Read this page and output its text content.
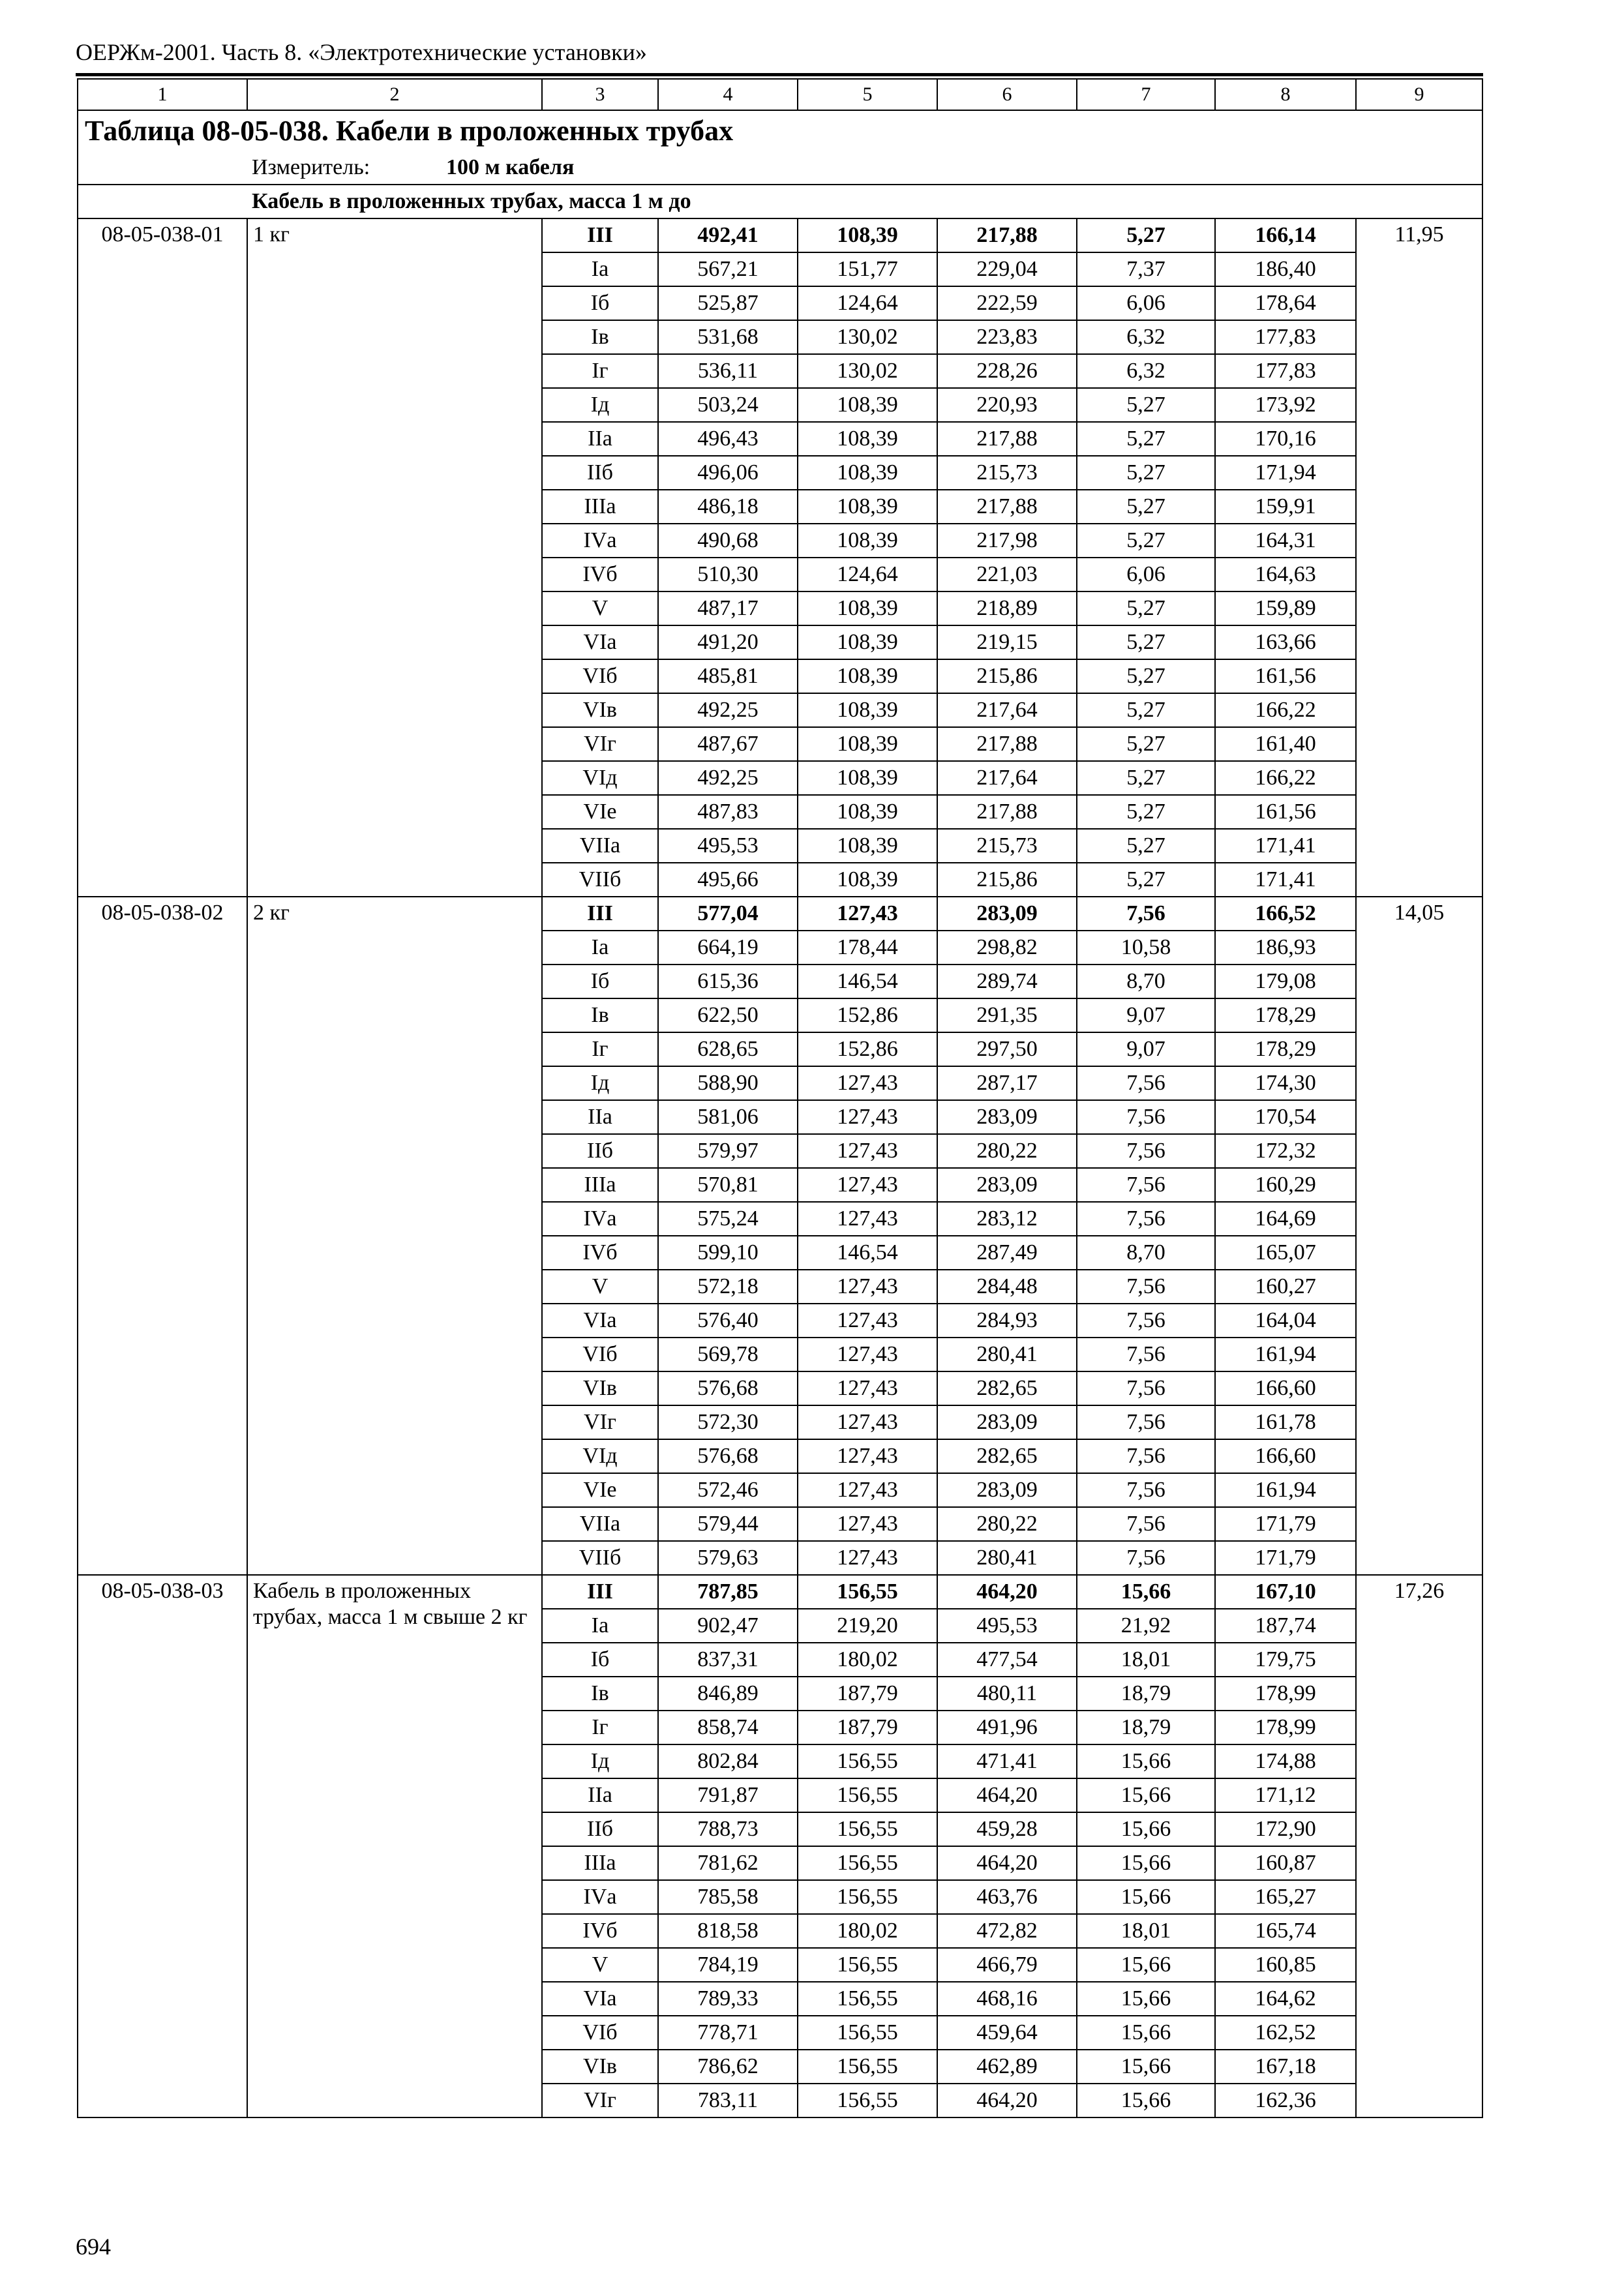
ОЕРЖм-2001. Часть 8. «Электротехнические установки»
1	2	3	4	5	6	7	8	9
Таблица 08-05-038. Кабели в проложенных трубах								
Измеритель: 100 м кабеля								
Кабель в проложенных трубах, масса 1 м до								
08-05-038-01	1 кг	III	492,41	108,39	217,88	5,27	166,14	11,95
		Iа	567,21	151,77	229,04	7,37	186,40	
		Iб	525,87	124,64	222,59	6,06	178,64	
		Iв	531,68	130,02	223,83	6,32	177,83	
		Iг	536,11	130,02	228,26	6,32	177,83	
		Iд	503,24	108,39	220,93	5,27	173,92	
		IIа	496,43	108,39	217,88	5,27	170,16	
		IIб	496,06	108,39	215,73	5,27	171,94	
		IIIа	486,18	108,39	217,88	5,27	159,91	
		IVа	490,68	108,39	217,98	5,27	164,31	
		IVб	510,30	124,64	221,03	6,06	164,63	
		V	487,17	108,39	218,89	5,27	159,89	
		VIа	491,20	108,39	219,15	5,27	163,66	
		VIб	485,81	108,39	215,86	5,27	161,56	
		VIв	492,25	108,39	217,64	5,27	166,22	
		VIг	487,67	108,39	217,88	5,27	161,40	
		VIд	492,25	108,39	217,64	5,27	166,22	
		VIе	487,83	108,39	217,88	5,27	161,56	
		VIIа	495,53	108,39	215,73	5,27	171,41	
		VIIб	495,66	108,39	215,86	5,27	171,41	
08-05-038-02	2 кг	III	577,04	127,43	283,09	7,56	166,52	14,05
		Iа	664,19	178,44	298,82	10,58	186,93	
		Iб	615,36	146,54	289,74	8,70	179,08	
		Iв	622,50	152,86	291,35	9,07	178,29	
		Iг	628,65	152,86	297,50	9,07	178,29	
		Iд	588,90	127,43	287,17	7,56	174,30	
		IIа	581,06	127,43	283,09	7,56	170,54	
		IIб	579,97	127,43	280,22	7,56	172,32	
		IIIа	570,81	127,43	283,09	7,56	160,29	
		IVа	575,24	127,43	283,12	7,56	164,69	
		IVб	599,10	146,54	287,49	8,70	165,07	
		V	572,18	127,43	284,48	7,56	160,27	
		VIа	576,40	127,43	284,93	7,56	164,04	
		VIб	569,78	127,43	280,41	7,56	161,94	
		VIв	576,68	127,43	282,65	7,56	166,60	
		VIг	572,30	127,43	283,09	7,56	161,78	
		VIд	576,68	127,43	282,65	7,56	166,60	
		VIе	572,46	127,43	283,09	7,56	161,94	
		VIIа	579,44	127,43	280,22	7,56	171,79	
		VIIб	579,63	127,43	280,41	7,56	171,79	
08-05-038-03	Кабель в проложенных трубах, масса 1 м свыше 2 кг	III	787,85	156,55	464,20	15,66	167,10	17,26
		Iа	902,47	219,20	495,53	21,92	187,74	
		Iб	837,31	180,02	477,54	18,01	179,75	
		Iв	846,89	187,79	480,11	18,79	178,99	
		Iг	858,74	187,79	491,96	18,79	178,99	
		Iд	802,84	156,55	471,41	15,66	174,88	
		IIа	791,87	156,55	464,20	15,66	171,12	
		IIб	788,73	156,55	459,28	15,66	172,90	
		IIIа	781,62	156,55	464,20	15,66	160,87	
		IVа	785,58	156,55	463,76	15,66	165,27	
		IVб	818,58	180,02	472,82	18,01	165,74	
		V	784,19	156,55	466,79	15,66	160,85	
		VIа	789,33	156,55	468,16	15,66	164,62	
		VIб	778,71	156,55	459,64	15,66	162,52	
		VIв	786,62	156,55	462,89	15,66	167,18	
		VIг	783,11	156,55	464,20	15,66	162,36	
694
